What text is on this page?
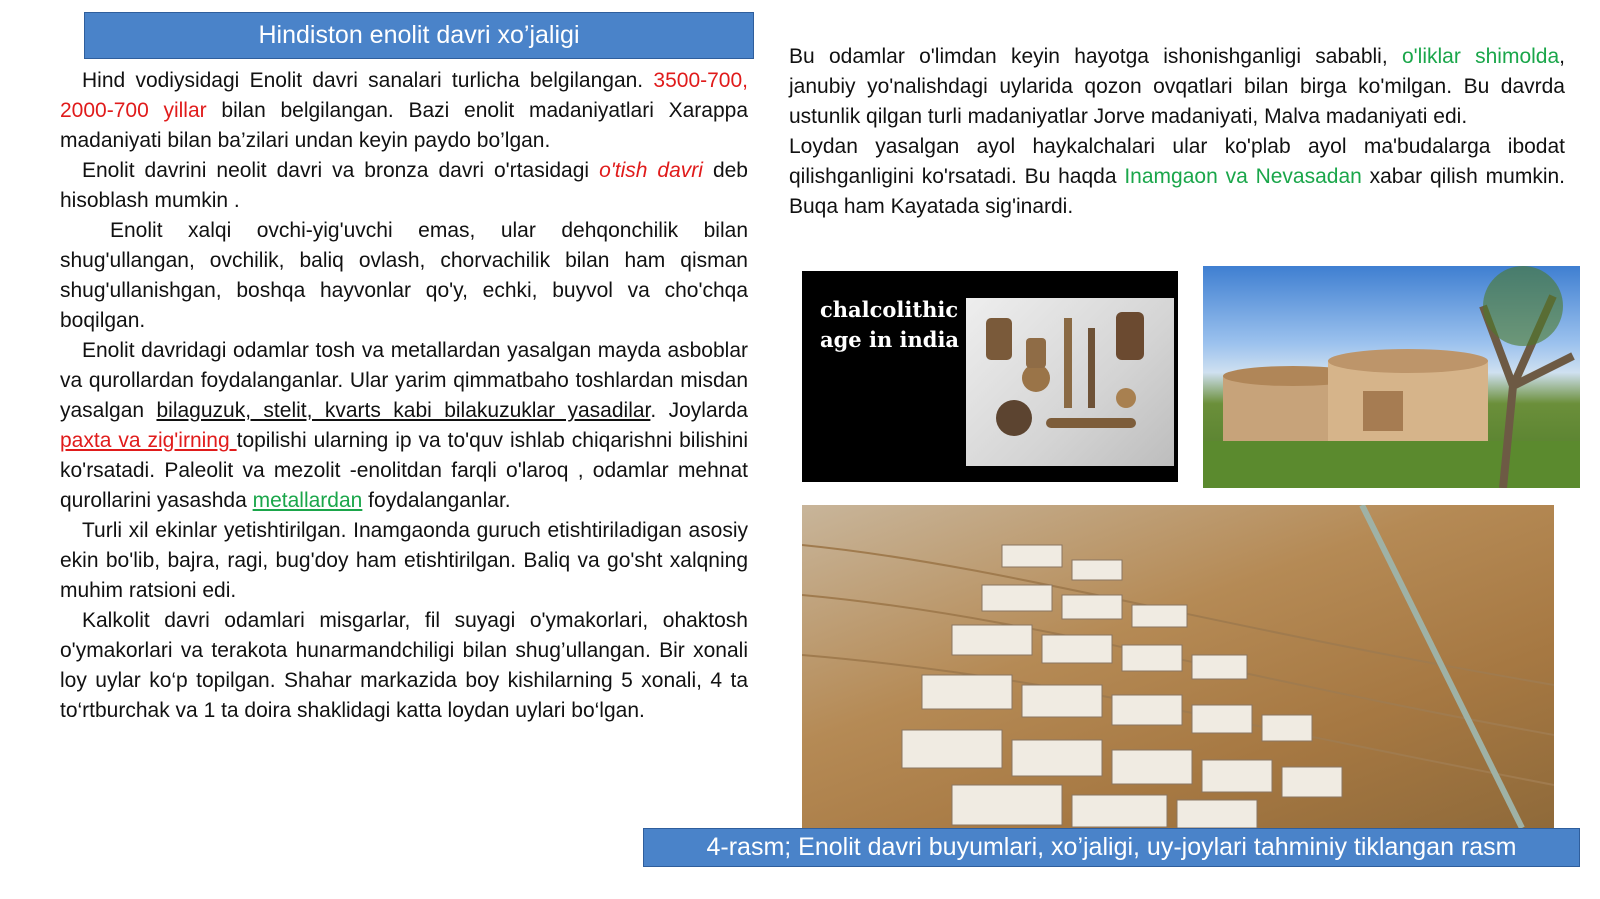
Hindiston enolit davri xo’jaligi

Hind vodiysidagi Enolit davri sanalari turlicha belgilangan. 3500-700, 2000-700 yillar bilan belgilangan. Bazi enolit madaniyatlari Xarappa madaniyati bilan ba’zilari undan keyin paydo bo’lgan.

Enolit davrini neolit davri va bronza davri o'rtasidagi o'tish davri deb hisoblash mumkin .

Enolit xalqi ovchi-yig'uvchi emas, ular dehqonchilik bilan shug'ullangan, ovchilik, baliq ovlash, chorvachilik bilan ham qisman shug'ullanishgan, boshqa hayvonlar qo'y, echki, buyvol va cho'chqa boqilgan.

Enolit davridagi odamlar tosh va metallardan yasalgan mayda asboblar va qurollardan foydalanganlar. Ular yarim qimmatbaho toshlardan misdan yasalgan bilaguzuk, stelit, kvarts kabi bilakuzuklar yasadilar. Joylarda paxta va zig'irning topilishi ularning ip va to'quv ishlab chiqarishni bilishini ko'rsatadi. Paleolit va mezolit -enolitdan farqli o'laroq , odamlar mehnat qurollarini yasashda metallardan foydalanganlar.

Turli xil ekinlar yetishtirilgan. Inamgaonda guruch etishtiriladigan asosiy ekin bo'lib, bajra, ragi, bug'doy ham etishtirilgan. Baliq va go'sht xalqning muhim ratsioni edi.

Kalkolit davri odamlari misgarlar, fil suyagi o'ymakorlari, ohaktosh o'ymakorlari va terakota hunarmandchiligi bilan shug’ullangan. Bir xonali loy uylar ko‘p topilgan. Shahar markazida boy kishilarning 5 xonali, 4 ta to‘rtburchak va 1 ta doira shaklidagi katta loydan uylari bo‘lgan.

Bu odamlar o'limdan keyin hayotga ishonishganligi sababli, o'liklar shimolda, janubiy yo'nalishdagi uylarida qozon ovqatlari bilan birga ko'milgan. Bu davrda ustunlik qilgan turli madaniyatlar Jorve madaniyati, Malva madaniyati edi.

Loydan yasalgan ayol haykalchalari ular ko'plab ayol ma'budalarga ibodat qilishganligini ko'rsatadi. Bu haqda Inamgaon va Nevasadan xabar qilish mumkin. Buqa ham Kayatada sig'inardi.

chalcolithic
age in india
4-rasm; Enolit davri buyumlari, xo’jaligi, uy-joylari tahminiy tiklangan rasm
